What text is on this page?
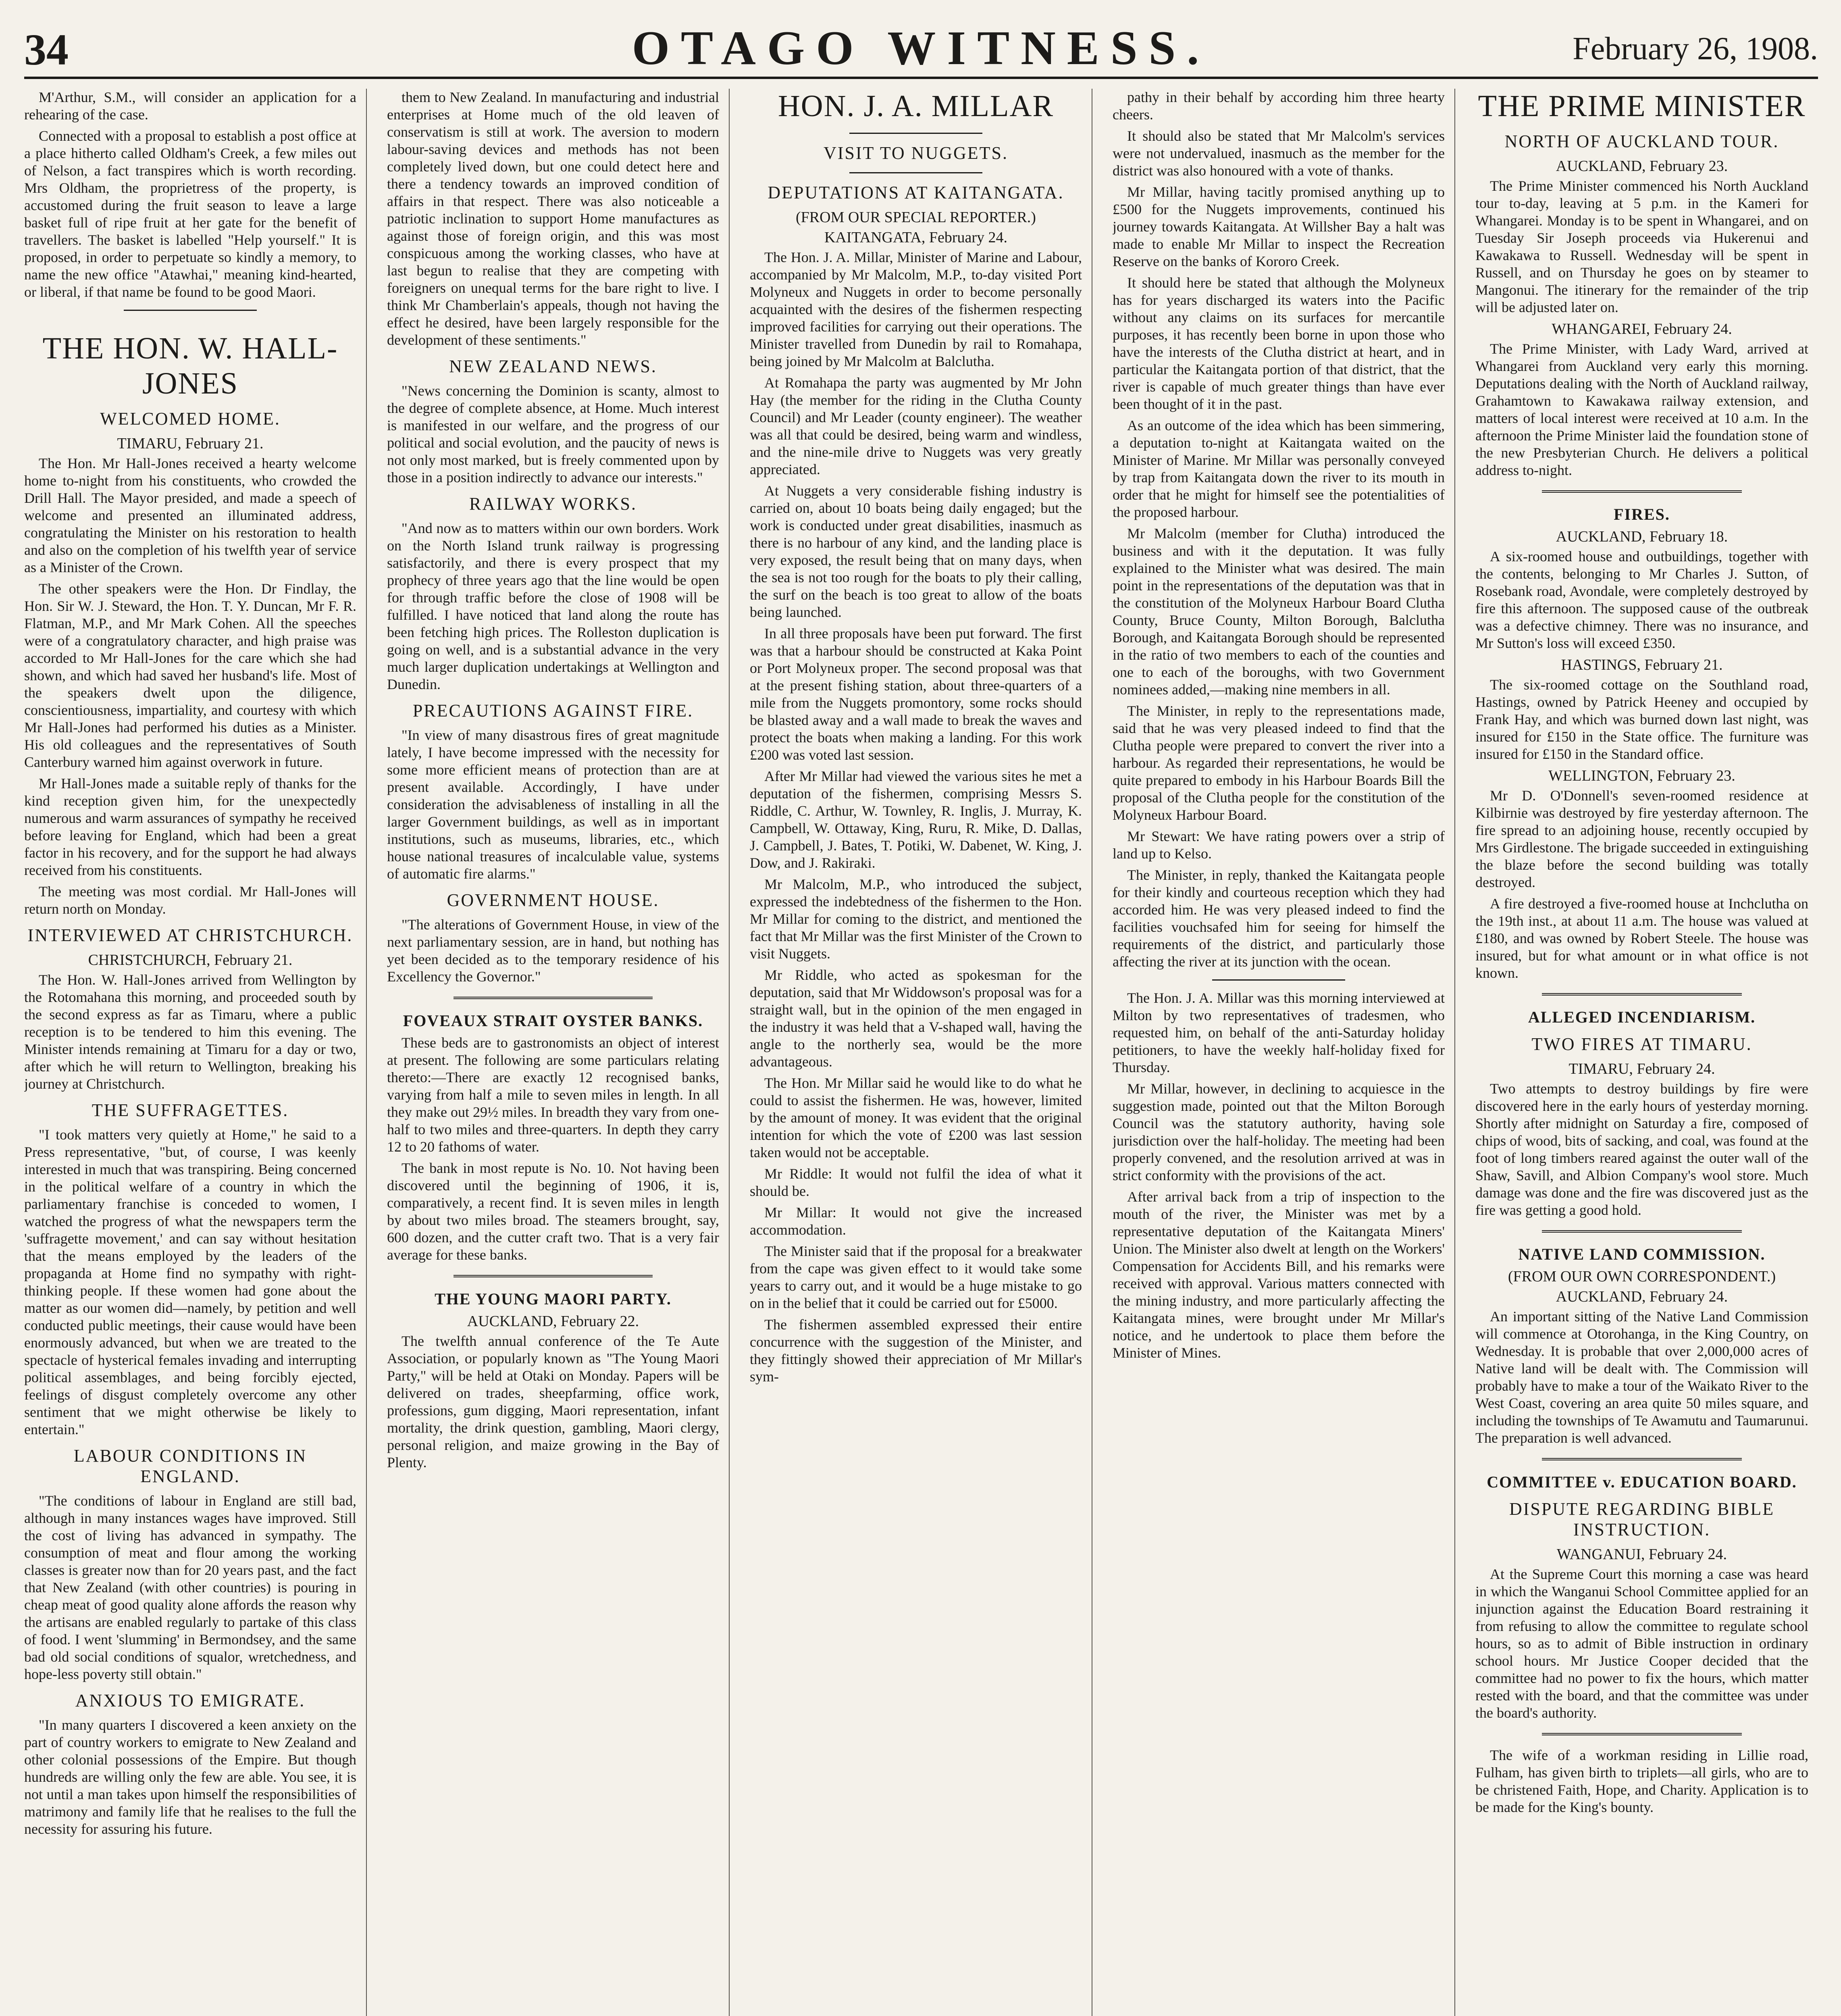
34	OTAGO WITNESS.	February 26, 1908.

M'Arthur, S.M., will consider an application for a rehearing of the case.

Connected with a proposal to establish a post office at a place hitherto called Oldham's Creek, a few miles out of Nelson, a fact transpires which is worth recording. Mrs Oldham, the proprietress of the property, is accustomed during the fruit season to leave a large basket full of ripe fruit at her gate for the benefit of travellers. The basket is labelled "Help yourself." It is proposed, in order to perpetuate so kindly a memory, to name the new office "Atawhai," meaning kind-hearted, or liberal, if that name be found to be good Maori.

THE HON. W. HALL-JONES
WELCOMED HOME.
TIMARU, February 21.

The Hon. Mr Hall-Jones received a hearty welcome home to-night from his constituents, who crowded the Drill Hall. The Mayor presided, and made a speech of welcome and presented an illuminated address, congratulating the Minister on his restoration to health and also on the completion of his twelfth year of service as a Minister of the Crown.

The other speakers were the Hon. Dr Findlay, the Hon. Sir W. J. Steward, the Hon. T. Y. Duncan, Mr F. R. Flatman, M.P., and Mr Mark Cohen. All the speeches were of a congratulatory character, and high praise was accorded to Mr Hall-Jones for the care which she had shown, and which had saved her husband's life. Most of the speakers dwelt upon the diligence, conscientiousness, impartiality, and courtesy with which Mr Hall-Jones had performed his duties as a Minister. His old colleagues and the representatives of South Canterbury warned him against overwork in future.

Mr Hall-Jones made a suitable reply of thanks for the kind reception given him, for the unexpectedly numerous and warm assurances of sympathy he received before leaving for England, which had been a great factor in his recovery, and for the support he had always received from his constituents.

The meeting was most cordial. Mr Hall-Jones will return north on Monday.

INTERVIEWED AT CHRISTCHURCH.
CHRISTCHURCH, February 21.

The Hon. W. Hall-Jones arrived from Wellington by the Rotomahana this morning, and proceeded south by the second express as far as Timaru, where a public reception is to be tendered to him this evening. The Minister intends remaining at Timaru for a day or two, after which he will return to Wellington, breaking his journey at Christchurch.

THE SUFFRAGETTES.

"I took matters very quietly at Home," he said to a Press representative, "but, of course, I was keenly interested in much that was transpiring. Being concerned in the political welfare of a country in which the parliamentary franchise is conceded to women, I watched the progress of what the newspapers term the 'suffragette movement,' and can say without hesitation that the means employed by the leaders of the propaganda at Home find no sympathy with right-thinking people. If these women had gone about the matter as our women did—namely, by petition and well conducted public meetings, their cause would have been enormously advanced, but when we are treated to the spectacle of hysterical females invading and interrupting political assemblages, and being forcibly ejected, feelings of disgust completely overcome any other sentiment that we might otherwise be likely to entertain."

LABOUR CONDITIONS IN ENGLAND.

"The conditions of labour in England are still bad, although in many instances wages have improved. Still the cost of living has advanced in sympathy. The consumption of meat and flour among the working classes is greater now than for 20 years past, and the fact that New Zealand (with other countries) is pouring in cheap meat of good quality alone affords the reason why the artisans are enabled regularly to partake of this class of food. I went 'slumming' in Bermondsey, and the same bad old social conditions of squalor, wretchedness, and hope-less poverty still obtain."

ANXIOUS TO EMIGRATE.

"In many quarters I discovered a keen anxiety on the part of country workers to emigrate to New Zealand and other colonial possessions of the Empire. But though hundreds are willing only the few are able. You see, it is not until a man takes upon himself the responsibilities of matrimony and family life that he realises to the full the necessity for assuring his future.

them to New Zealand. In manufacturing and industrial enterprises at Home much of the old leaven of conservatism is still at work. The aversion to modern labour-saving devices and methods has not been completely lived down, but one could detect here and there a tendency towards an improved condition of affairs in that respect. There was also noticeable a patriotic inclination to support Home manufactures as against those of foreign origin, and this was most conspicuous among the working classes, who have at last begun to realise that they are competing with foreigners on unequal terms for the bare right to live. I think Mr Chamberlain's appeals, though not having the effect he desired, have been largely responsible for the development of these sentiments."

NEW ZEALAND NEWS.

"News concerning the Dominion is scanty, almost to the degree of complete absence, at Home. Much interest is manifested in our welfare, and the progress of our political and social evolution, and the paucity of news is not only most marked, but is freely commented upon by those in a position indirectly to advance our interests."

RAILWAY WORKS.

"And now as to matters within our own borders. Work on the North Island trunk railway is progressing satisfactorily, and there is every prospect that my prophecy of three years ago that the line would be open for through traffic before the close of 1908 will be fulfilled. I have noticed that land along the route has been fetching high prices. The Rolleston duplication is going on well, and is a substantial advance in the very much larger duplication undertakings at Wellington and Dunedin.

PRECAUTIONS AGAINST FIRE.

"In view of many disastrous fires of great magnitude lately, I have become impressed with the necessity for some more efficient means of protection than are at present available. Accordingly, I have under consideration the advisableness of installing in all the larger Government buildings, as well as in important institutions, such as museums, libraries, etc., which house national treasures of incalculable value, systems of automatic fire alarms."

GOVERNMENT HOUSE.

"The alterations of Government House, in view of the next parliamentary session, are in hand, but nothing has yet been decided as to the temporary residence of his Excellency the Governor."

FOVEAUX STRAIT OYSTER BANKS.

These beds are to gastronomists an object of interest at present. The following are some particulars relating thereto:—There are exactly 12 recognised banks, varying from half a mile to seven miles in length. In all they make out 29½ miles. In breadth they vary from one-half to two miles and three-quarters. In depth they carry 12 to 20 fathoms of water.

The bank in most repute is No. 10. Not having been discovered until the beginning of 1906, it is, comparatively, a recent find. It is seven miles in length by about two miles broad. The steamers brought, say, 600 dozen, and the cutter craft two. That is a very fair average for these banks.

THE YOUNG MAORI PARTY.
AUCKLAND, February 22.

The twelfth annual conference of the Te Aute Association, or popularly known as "The Young Maori Party," will be held at Otaki on Monday. Papers will be delivered on trades, sheepfarming, office work, professions, gum digging, Maori representation, infant mortality, the drink question, gambling, Maori clergy, personal religion, and maize growing in the Bay of Plenty.

HON. J. A. MILLAR
VISIT TO NUGGETS.
DEPUTATIONS AT KAITANGATA.
(FROM OUR SPECIAL REPORTER.)
KAITANGATA, February 24.

The Hon. J. A. Millar, Minister of Marine and Labour, accompanied by Mr Malcolm, M.P., to-day visited Port Molyneux and Nuggets in order to become personally acquainted with the desires of the fishermen respecting improved facilities for carrying out their operations. The Minister travelled from Dunedin by rail to Romahapa, being joined by Mr Malcolm at Balclutha.

At Romahapa the party was augmented by Mr John Hay (the member for the riding in the Clutha County Council) and Mr Leader (county engineer). The weather was all that could be desired, being warm and windless, and the nine-mile drive to Nuggets was very greatly appreciated.

At Nuggets a very considerable fishing industry is carried on, about 10 boats being daily engaged; but the work is conducted under great disabilities, inasmuch as there is no harbour of any kind, and the landing place is very exposed, the result being that on many days, when the sea is not too rough for the boats to ply their calling, the surf on the beach is too great to allow of the boats being launched.

In all three proposals have been put forward. The first was that a harbour should be constructed at Kaka Point or Port Molyneux proper. The second proposal was that at the present fishing station, about three-quarters of a mile from the Nuggets promontory, some rocks should be blasted away and a wall made to break the waves and protect the boats when making a landing. For this work £200 was voted last session.

After Mr Millar had viewed the various sites he met a deputation of the fishermen, comprising Messrs S. Riddle, C. Arthur, W. Townley, R. Inglis, J. Murray, K. Campbell, W. Ottaway, King, Ruru, R. Mike, D. Dallas, J. Campbell, J. Bates, T. Potiki, W. Dabenet, W. King, J. Dow, and J. Rakiraki.

Mr Malcolm, M.P., who introduced the subject, expressed the indebtedness of the fishermen to the Hon. Mr Millar for coming to the district, and mentioned the fact that Mr Millar was the first Minister of the Crown to visit Nuggets.

Mr Riddle, who acted as spokesman for the deputation, said that Mr Widdowson's proposal was for a straight wall, but in the opinion of the men engaged in the industry it was held that a V-shaped wall, having the angle to the northerly sea, would be the more advantageous.

The Hon. Mr Millar said he would like to do what he could to assist the fishermen. He was, however, limited by the amount of money. It was evident that the original intention for which the vote of £200 was last session taken would not be acceptable.

Mr Riddle: It would not fulfil the idea of what it should be.

Mr Millar: It would not give the increased accommodation.

The Minister said that if the proposal for a breakwater from the cape was given effect to it would take some years to carry out, and it would be a huge mistake to go on in the belief that it could be carried out for £5000.

The fishermen assembled expressed their entire concurrence with the suggestion of the Minister, and they fittingly showed their appreciation of Mr Millar's sym-

pathy in their behalf by according him three hearty cheers.

It should also be stated that Mr Malcolm's services were not undervalued, inasmuch as the member for the district was also honoured with a vote of thanks.

Mr Millar, having tacitly promised anything up to £500 for the Nuggets improvements, continued his journey towards Kaitangata. At Willsher Bay a halt was made to enable Mr Millar to inspect the Recreation Reserve on the banks of Kororo Creek.

It should here be stated that although the Molyneux has for years discharged its waters into the Pacific without any claims on its surfaces for mercantile purposes, it has recently been borne in upon those who have the interests of the Clutha district at heart, and in particular the Kaitangata portion of that district, that the river is capable of much greater things than have ever been thought of it in the past.

As an outcome of the idea which has been simmering, a deputation to-night at Kaitangata waited on the Minister of Marine. Mr Millar was personally conveyed by trap from Kaitangata down the river to its mouth in order that he might for himself see the potentialities of the proposed harbour.

Mr Malcolm (member for Clutha) introduced the business and with it the deputation. It was fully explained to the Minister what was desired. The main point in the representations of the deputation was that in the constitution of the Molyneux Harbour Board Clutha County, Bruce County, Milton Borough, Balclutha Borough, and Kaitangata Borough should be represented in the ratio of two members to each of the counties and one to each of the boroughs, with two Government nominees added,—making nine members in all.

The Minister, in reply to the representations made, said that he was very pleased indeed to find that the Clutha people were prepared to convert the river into a harbour. As regarded their representations, he would be quite prepared to embody in his Harbour Boards Bill the proposal of the Clutha people for the constitution of the Molyneux Harbour Board.

Mr Stewart: We have rating powers over a strip of land up to Kelso.

The Minister, in reply, thanked the Kaitangata people for their kindly and courteous reception which they had accorded him. He was very pleased indeed to find the facilities vouchsafed him for seeing for himself the requirements of the district, and particularly those affecting the river at its junction with the ocean.

The Hon. J. A. Millar was this morning interviewed at Milton by two representatives of tradesmen, who requested him, on behalf of the anti-Saturday holiday petitioners, to have the weekly half-holiday fixed for Thursday.

Mr Millar, however, in declining to acquiesce in the suggestion made, pointed out that the Milton Borough Council was the statutory authority, having sole jurisdiction over the half-holiday. The meeting had been properly convened, and the resolution arrived at was in strict conformity with the provisions of the act.

After arrival back from a trip of inspection to the mouth of the river, the Minister was met by a representative deputation of the Kaitangata Miners' Union. The Minister also dwelt at length on the Workers' Compensation for Accidents Bill, and his remarks were received with approval. Various matters connected with the mining industry, and more particularly affecting the Kaitangata mines, were brought under Mr Millar's notice, and he undertook to place them before the Minister of Mines.

THE PRIME MINISTER
NORTH OF AUCKLAND TOUR.
AUCKLAND, February 23.

The Prime Minister commenced his North Auckland tour to-day, leaving at 5 p.m. in the Kameri for Whangarei. Monday is to be spent in Whangarei, and on Tuesday Sir Joseph proceeds via Hukerenui and Kawakawa to Russell. Wednesday will be spent in Russell, and on Thursday he goes on by steamer to Mangonui. The itinerary for the remainder of the trip will be adjusted later on.

WHANGAREI, February 24.

The Prime Minister, with Lady Ward, arrived at Whangarei from Auckland very early this morning. Deputations dealing with the North of Auckland railway, Grahamtown to Kawakawa railway extension, and matters of local interest were received at 10 a.m. In the afternoon the Prime Minister laid the foundation stone of the new Presbyterian Church. He delivers a political address to-night.

FIRES.
AUCKLAND, February 18.

A six-roomed house and outbuildings, together with the contents, belonging to Mr Charles J. Sutton, of Rosebank road, Avondale, were completely destroyed by fire this afternoon. The supposed cause of the outbreak was a defective chimney. There was no insurance, and Mr Sutton's loss will exceed £350.

HASTINGS, February 21.

The six-roomed cottage on the Southland road, Hastings, owned by Patrick Heeney and occupied by Frank Hay, and which was burned down last night, was insured for £150 in the State office. The furniture was insured for £150 in the Standard office.

WELLINGTON, February 23.

Mr D. O'Donnell's seven-roomed residence at Kilbirnie was destroyed by fire yesterday afternoon. The fire spread to an adjoining house, recently occupied by Mrs Girdlestone. The brigade succeeded in extinguishing the blaze before the second building was totally destroyed.

A fire destroyed a five-roomed house at Inchclutha on the 19th inst., at about 11 a.m. The house was valued at £180, and was owned by Robert Steele. The house was insured, but for what amount or in what office is not known.

ALLEGED INCENDIARISM.
TWO FIRES AT TIMARU.
TIMARU, February 24.

Two attempts to destroy buildings by fire were discovered here in the early hours of yesterday morning. Shortly after midnight on Saturday a fire, composed of chips of wood, bits of sacking, and coal, was found at the foot of long timbers reared against the outer wall of the Shaw, Savill, and Albion Company's wool store. Much damage was done and the fire was discovered just as the fire was getting a good hold.

NATIVE LAND COMMISSION.
(FROM OUR OWN CORRESPONDENT.)
AUCKLAND, February 24.

An important sitting of the Native Land Commission will commence at Otorohanga, in the King Country, on Wednesday. It is probable that over 2,000,000 acres of Native land will be dealt with. The Commission will probably have to make a tour of the Waikato River to the West Coast, covering an area quite 50 miles square, and including the townships of Te Awamutu and Taumarunui. The preparation is well advanced.

COMMITTEE v. EDUCATION BOARD.
DISPUTE REGARDING BIBLE INSTRUCTION.
WANGANUI, February 24.

At the Supreme Court this morning a case was heard in which the Wanganui School Committee applied for an injunction against the Education Board restraining it from refusing to allow the committee to regulate school hours, so as to admit of Bible instruction in ordinary school hours. Mr Justice Cooper decided that the committee had no power to fix the hours, which matter rested with the board, and that the committee was under the board's authority.

The wife of a workman residing in Lillie road, Fulham, has given birth to triplets—all girls, who are to be christened Faith, Hope, and Charity. Application is to be made for the King's bounty.
